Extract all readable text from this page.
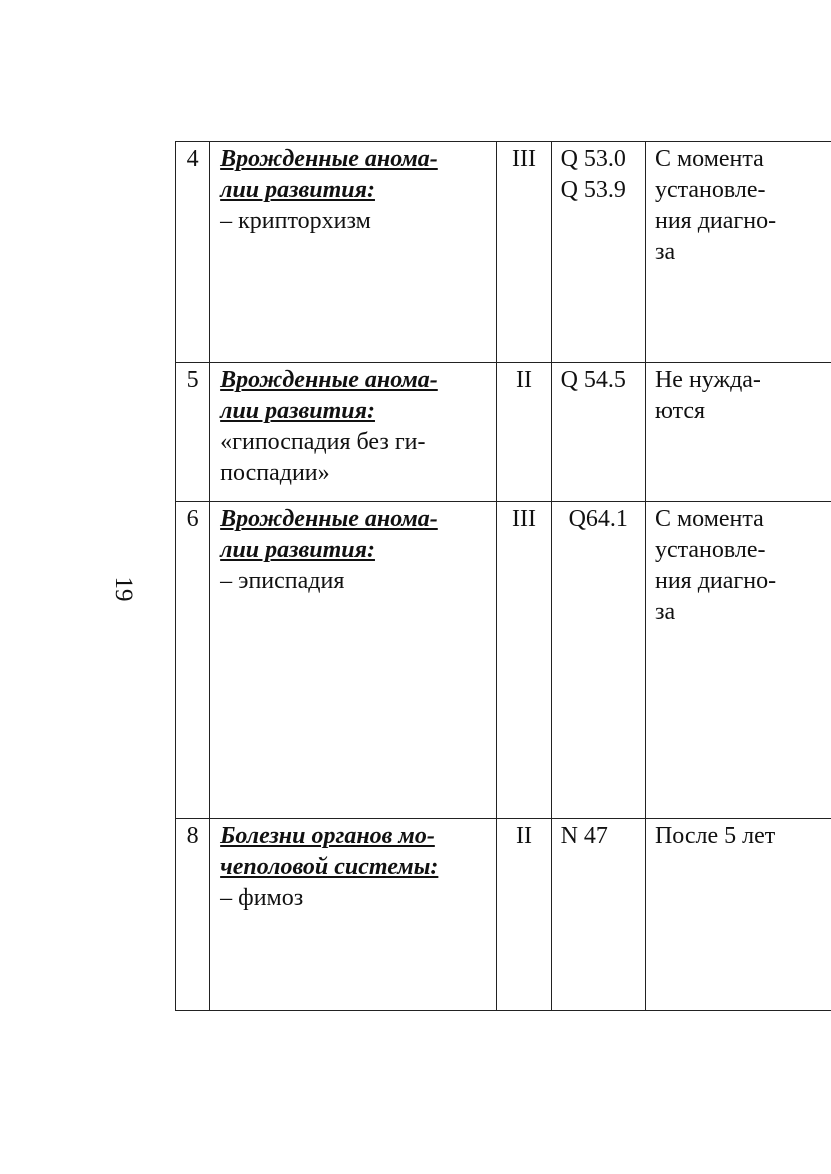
19
4	Врожденные аномa-
лии развития:
– крипторхизм	III	Q 53.0
Q 53.9	С момента
установле-
ния диагно-
за

5	Врожденные анома-
лии развития:
«гипоспадия без ги-
поспадии»	II	Q 54.5	Не нужда-
ются

6	Врожденные анома-
лии развития:
– эписпадия	III	Q64.1	С момента
установле-
ния диагно-
за

8	Болезни органов мо-
чеполовой системы:
– фимоз	II	N 47	После 5 лет
